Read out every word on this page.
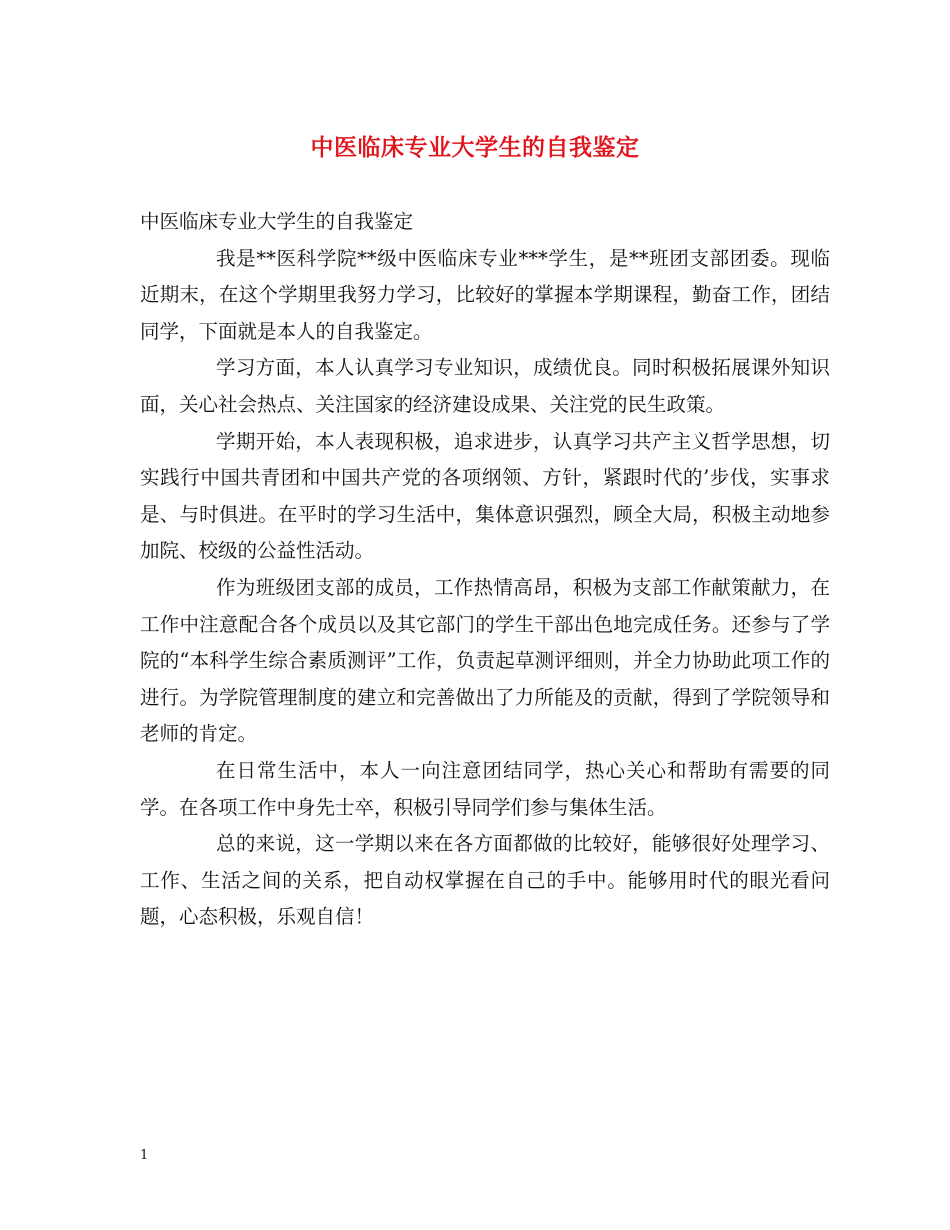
中医临床专业大学生的自我鉴定

中医临床专业大学生的自我鉴定

我是**医科学院**级中医临床专业***学生，是**班团支部团委。现临近期末，在这个学期里我努力学习，比较好的掌握本学期课程，勤奋工作，团结同学，下面就是本人的自我鉴定。

学习方面，本人认真学习专业知识，成绩优良。同时积极拓展课外知识面，关心社会热点、关注国家的经济建设成果、关注党的民生政策。

学期开始，本人表现积极，追求进步，认真学习共产主义哲学思想，切实践行中国共青团和中国共产党的各项纲领、方针，紧跟时代的’步伐，实事求是、与时俱进。在平时的学习生活中，集体意识强烈，顾全大局，积极主动地参加院、校级的公益性活动。

作为班级团支部的成员，工作热情高昂，积极为支部工作献策献力，在工作中注意配合各个成员以及其它部门的学生干部出色地完成任务。还参与了学院的“本科学生综合素质测评”工作，负责起草测评细则，并全力协助此项工作的进行。为学院管理制度的建立和完善做出了力所能及的贡献，得到了学院领导和老师的肯定。

在日常生活中，本人一向注意团结同学，热心关心和帮助有需要的同学。在各项工作中身先士卒，积极引导同学们参与集体生活。

总的来说，这一学期以来在各方面都做的比较好，能够很好处理学习、工作、生活之间的关系，把自动权掌握在自己的手中。能够用时代的眼光看问题，心态积极，乐观自信！

1
